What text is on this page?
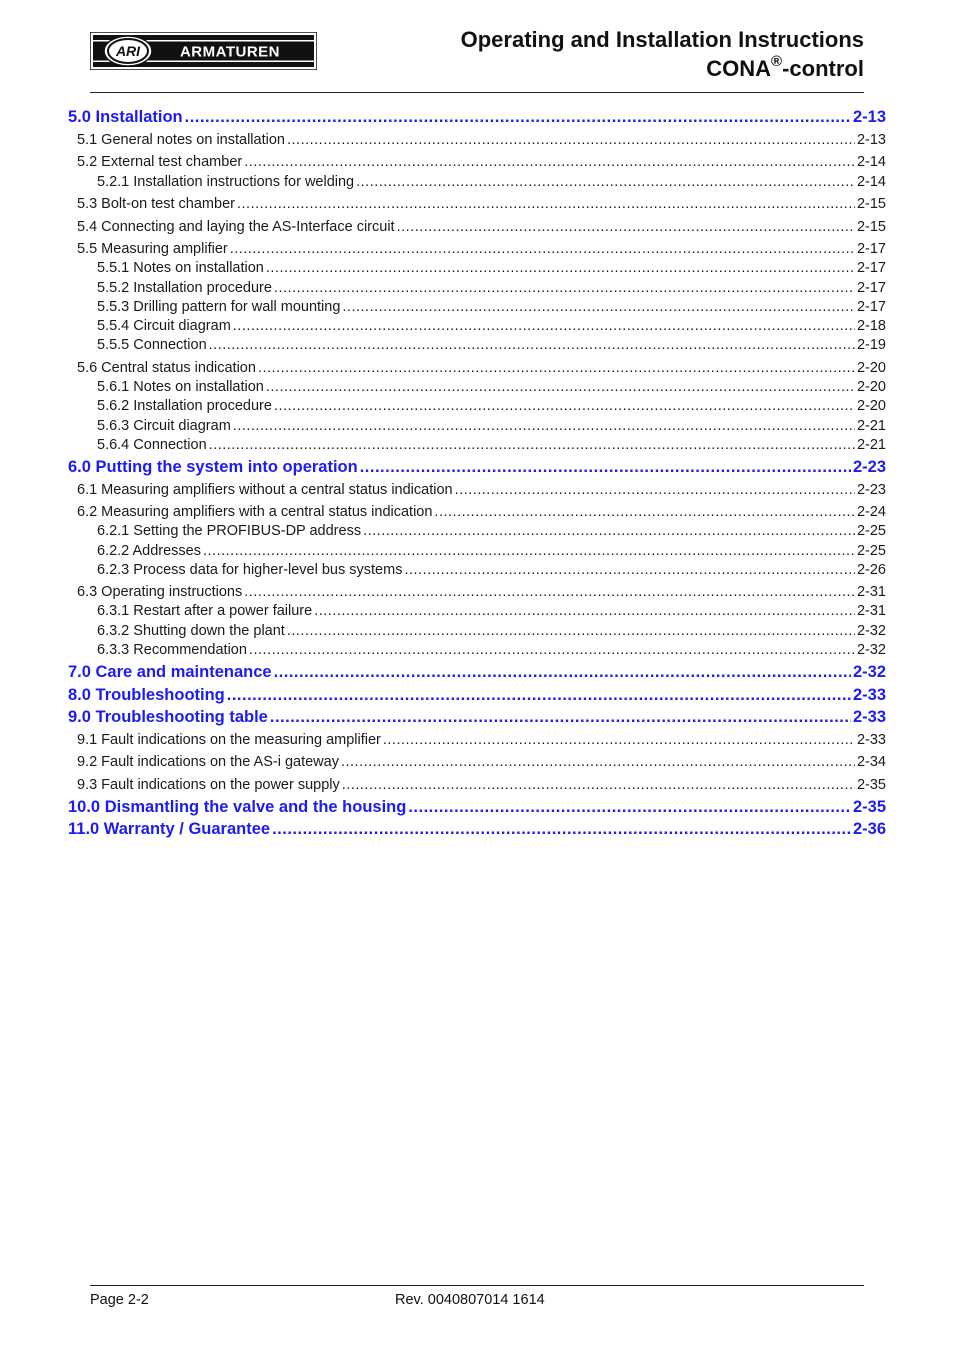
ARI	ARMATUREN	Operating and Installation Instructions
CONA®-control
5.0 Installation .....	2-13
5.1 General notes on installation .....	2-13
5.2 External test chamber .....	2-14
5.2.1 Installation instructions for welding .....	2-14
5.3 Bolt-on test chamber .....	2-15
5.4 Connecting and laying the AS-Interface circuit .....	2-15
5.5 Measuring amplifier .....	2-17
5.5.1 Notes on installation .....	2-17
5.5.2 Installation procedure .....	2-17
5.5.3 Drilling pattern for wall mounting .....	2-17
5.5.4 Circuit diagram .....	2-18
5.5.5 Connection .....	2-19
5.6 Central status indication .....	2-20
5.6.1 Notes on installation .....	2-20
5.6.2 Installation procedure .....	2-20
5.6.3 Circuit diagram .....	2-21
5.6.4 Connection .....	2-21
6.0 Putting the system into operation .....	2-23
6.1 Measuring amplifiers without a central status indication .....	2-23
6.2 Measuring amplifiers with a central status indication .....	2-24
6.2.1 Setting the PROFIBUS-DP address .....	2-25
6.2.2 Addresses .....	2-25
6.2.3 Process data for higher-level bus systems .....	2-26
6.3 Operating instructions .....	2-31
6.3.1 Restart after a power failure .....	2-31
6.3.2 Shutting down the plant .....	2-32
6.3.3 Recommendation .....	2-32
7.0 Care and maintenance .....	2-32
8.0 Troubleshooting .....	2-33
9.0 Troubleshooting table .....	2-33
9.1 Fault indications on the measuring amplifier .....	2-33
9.2 Fault indications on the AS-i gateway .....	2-34
9.3 Fault indications on the power supply .....	2-35
10.0 Dismantling the valve and the housing .....	2-35
11.0 Warranty / Guarantee .....	2-36
Page 2-2	Rev. 0040807014 1614
